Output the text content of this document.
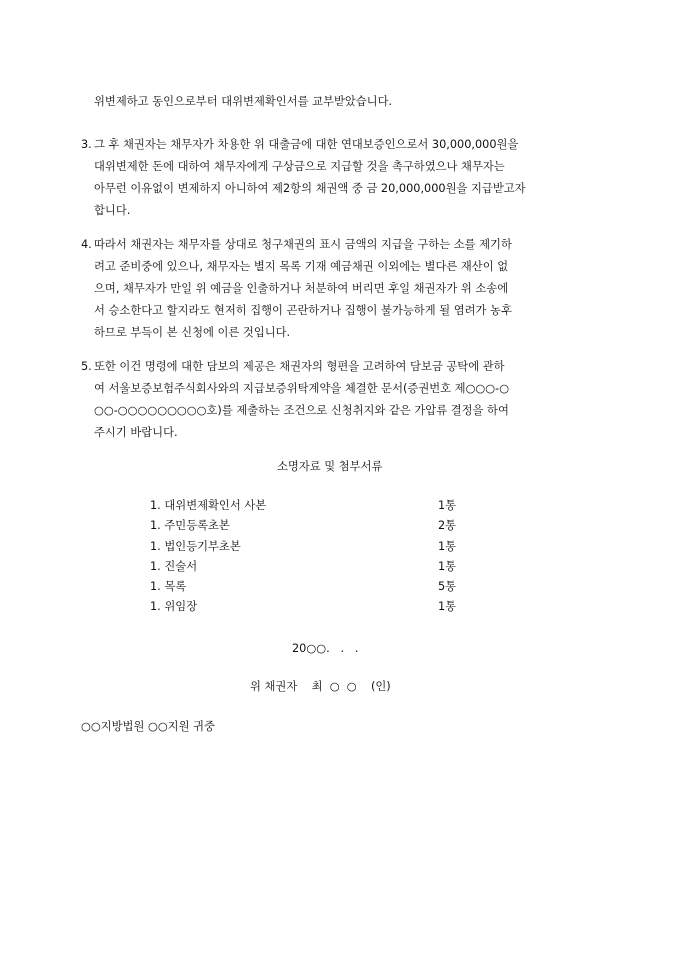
위변제하고 동인으로부터 대위변제확인서를 교부받았습니다.
3. 그 후 채권자는 채무자가 차용한 위 대출금에 대한 연대보증인으로서 30,000,000원을
대위변제한 돈에 대하여 채무자에게 구상금으로 지급할 것을 촉구하였으나 채무자는
아무런 이유없이 변제하지 아니하여 제2항의 채권액 중 금 20,000,000원을 지급받고자
합니다.
4. 따라서 채권자는 채무자를 상대로 청구채권의 표시 금액의 지급을 구하는 소를 제기하
려고 준비중에 있으나, 채무자는 별지 목록 기재 예금채권 이외에는 별다른 재산이 없
으며, 채무자가 만일 위 예금을 인출하거나 처분하여 버리면 후일 채권자가 위 소송에
서 승소한다고 할지라도 현저히 집행이 곤란하거나 집행이 불가능하게 될 염려가 농후
하므로 부득이 본 신청에 이른 것입니다.
5. 또한 이건 명령에 대한 담보의 제공은 채권자의 형편을 고려하여 담보금 공탁에 관하
여 서울보증보험주식회사와의 지급보증위탁계약을 체결한 문서(증권번호 제○○○-○
○○-○○○○○○○○○호)를 제출하는 조건으로 신청취지와 같은 가압류 결정을 하여
주시기 바랍니다.
소명자료 및 첨부서류
1. 대위변제확인서 사본	1통
1. 주민등록초본	2통
1. 법인등기부초본	1통
1. 진술서	1통
1. 목록	5통
1. 위임장	1통
20○○.   .   .
위 채권자    최  ○  ○    (인)
○○지방법원 ○○지원 귀중
